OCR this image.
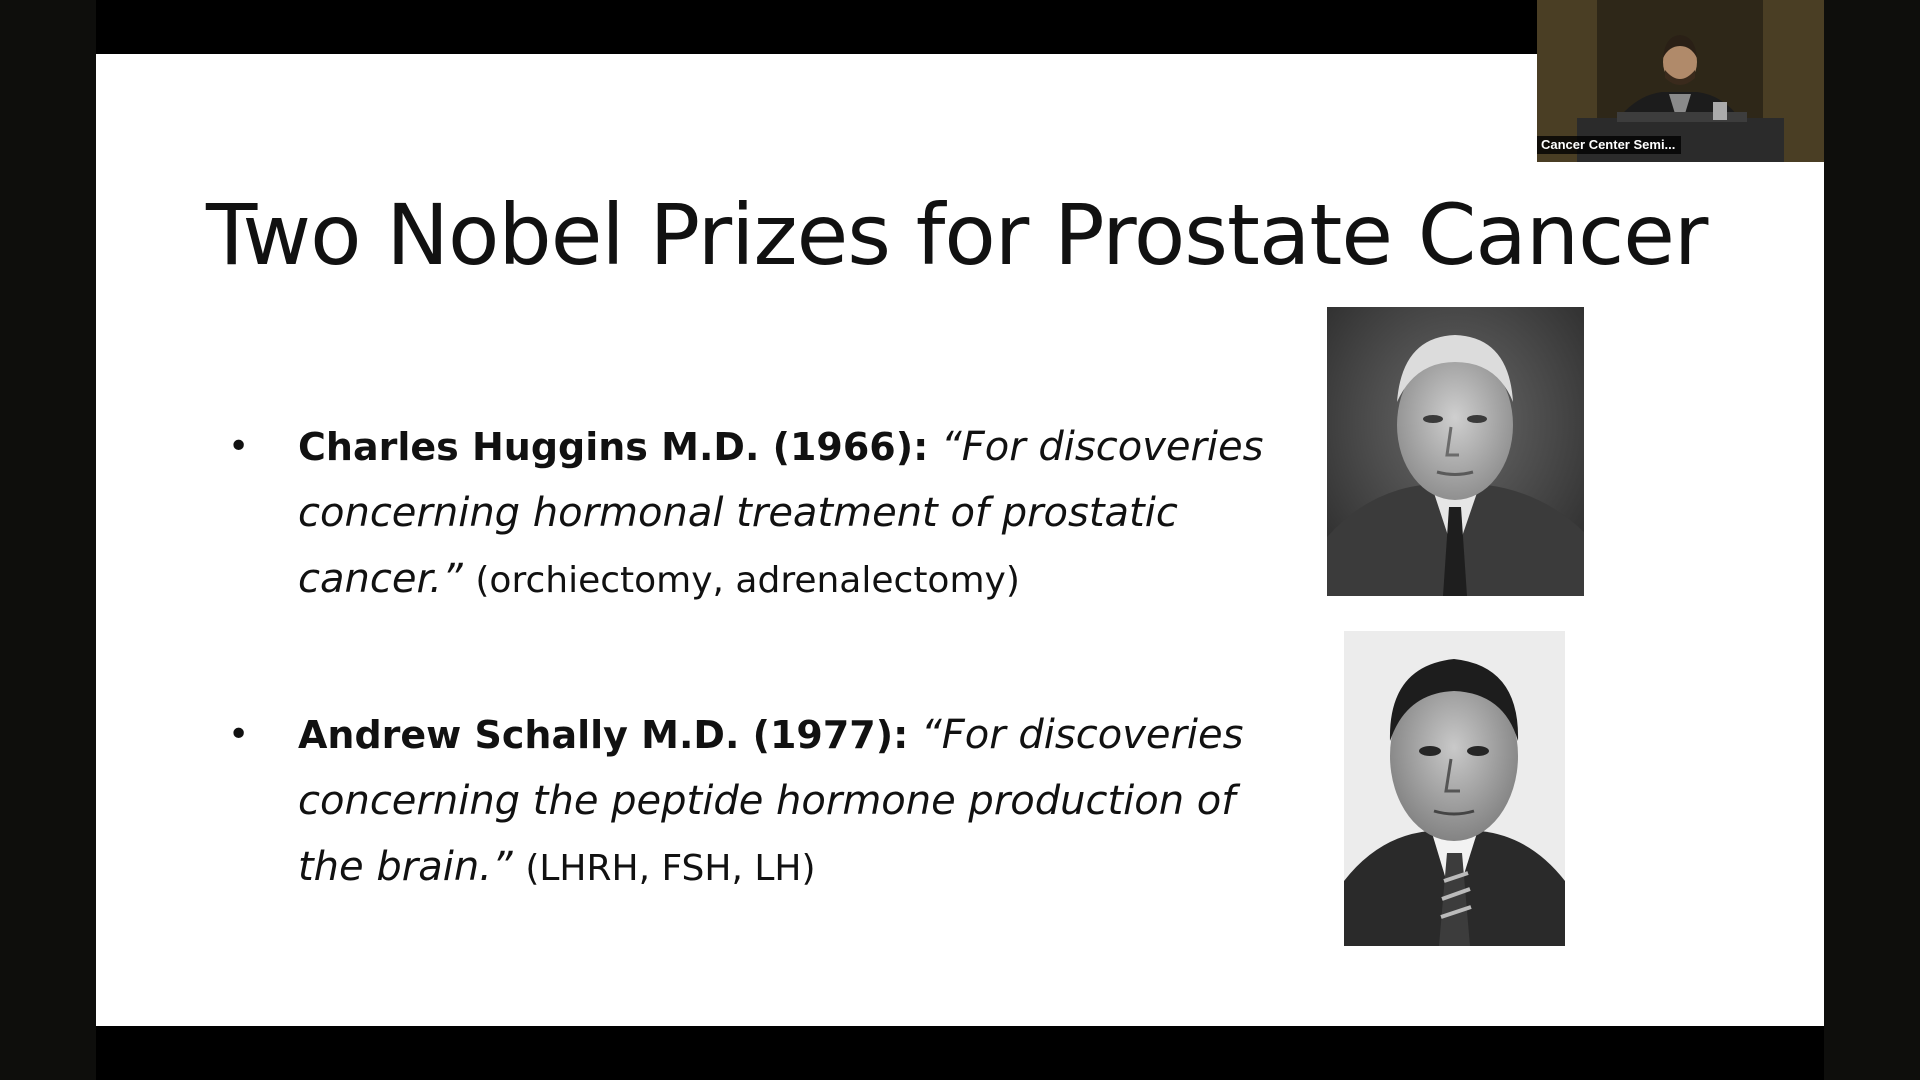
Two Nobel Prizes for Prostate Cancer
• Charles Huggins M.D. (1966): “For discoveries concerning hormonal treatment of prostatic cancer.” (orchiectomy, adrenalectomy)
• Andrew Schally M.D. (1977): “For discoveries concerning the peptide hormone production of the brain.” (LHRH, FSH, LH)
Cancer Center Semi...
